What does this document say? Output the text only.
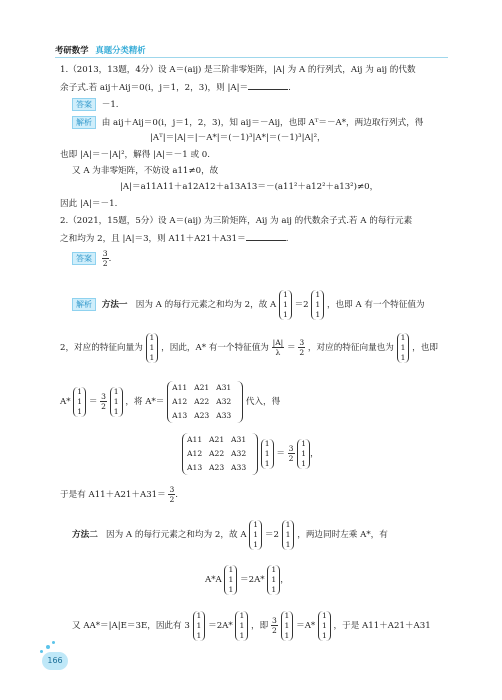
考研数学 真题分类精析
1.（2013，13题，4分）设 A＝(aij) 是三阶非零矩阵，|A| 为 A 的行列式，Aij 为 aij 的代数
余子式.若 aij＋Aij＝0(i，j＝1，2，3)，则 |A|＝	.
答案 －1.
解析 由 aij＋Aij＝0(i，j＝1，2，3)，知 aij＝－Aij，也即 Aᵀ＝－A*，两边取行列式，得
|Aᵀ|＝|A|＝|－A*|＝(－1)³|A*|＝(－1)³|A|²，
也即 |A|＝－|A|²，解得 |A|＝－1 或 0.
又 A 为非零矩阵，不妨设 a11≠0，故
|A|＝a11A11＋a12A12＋a13A13＝－(a11²＋a12²＋a13²)≠0，
因此 |A|＝－1.
2.（2021，15题，5分）设 A＝(aij) 为三阶矩阵，Aij 为 aij 的代数余子式.若 A 的每行元素
之和均为 2，且 |A|＝3，则 A11＋A21＋A31＝	.
答案 $\frac{3}{2}$.
解析 方法一 因为 A 的每行元素之和均为 2，故 A 1
1
1 ＝2 1
1
1 ，也即 A 有一个特征值为
2，对应的特征向量为 1
1
1 ，因此，A* 有一个特征值为 $\frac{|A|}{\lambda} = \frac{3}{2}$ ，对应的特征向量也为 1
1
1 ，也即
A* 1
1
$1 = \frac{3}{2} 1$
1
1 ，将 A*＝ A11 A21 A31
A12 A22 A32
A13 A23 A33 代入，得
A11 A21 A31
A12 A22 A32
A13 A23 A33 1
1
$1 = \frac{3}{2} 1$
1
1，
于是有 $A11+A21+A31= \frac{3}{2}$.
方法二 因为 A 的每行元素之和均为 2，故 A 1
1
1 ＝2 1
1
1 ，两边同时左乘 A*，有
A*A 1
1
1 ＝2A* 1
1
1，
又 AA*＝|A|E＝3E，因此有 3 1
1
1 ＝2A* 1
1
1 ，即 $\frac{3}{2} 1$
1
1 ＝A* 1
1
1 ，于是 A11＋A21＋A31
166
